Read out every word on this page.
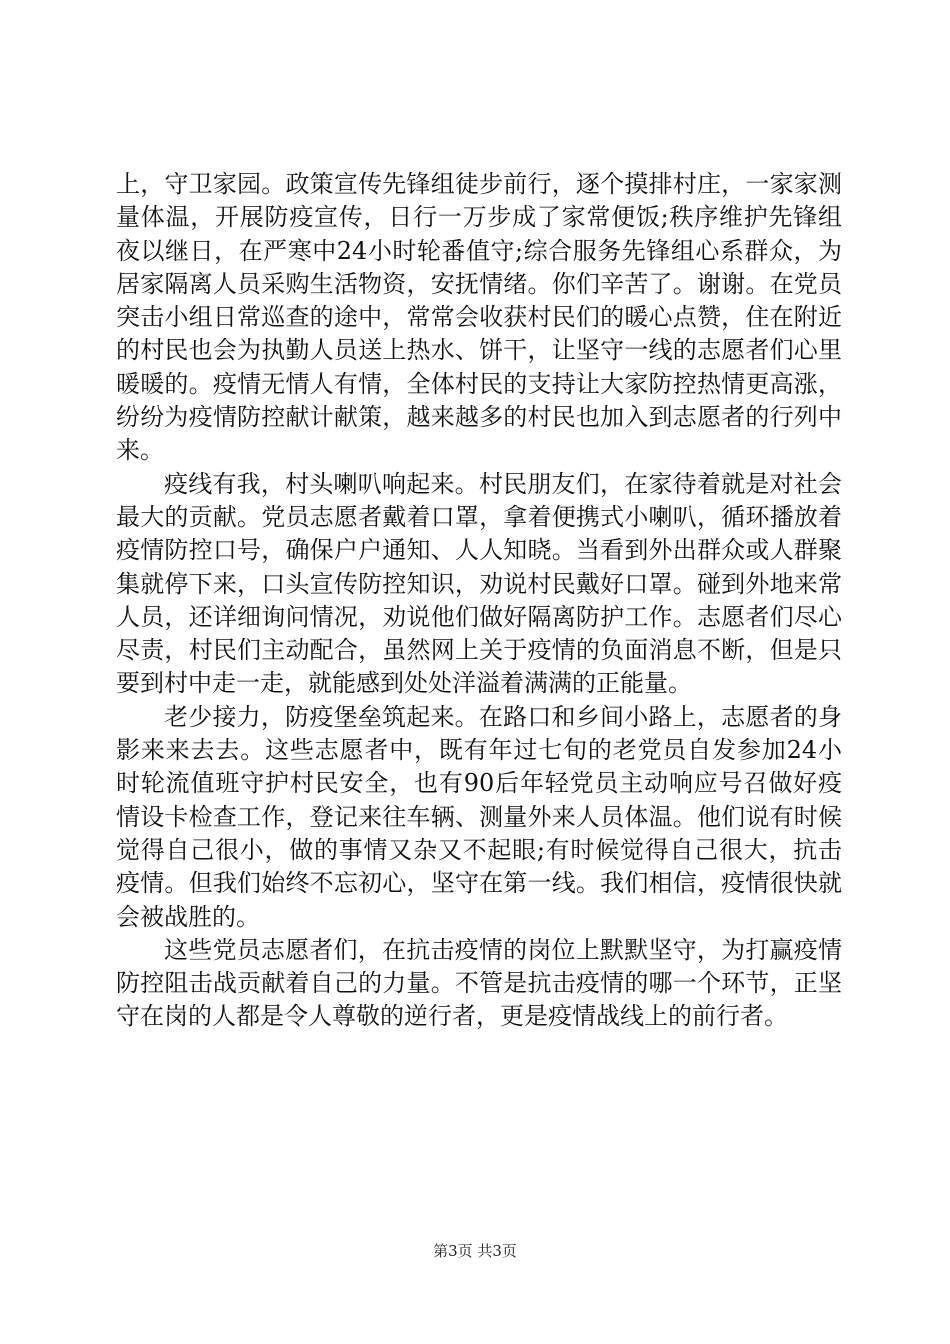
上，守卫家园。政策宣传先锋组徒步前行，逐个摸排村庄，一家家测量体温，开展防疫宣传，日行一万步成了家常便饭;秩序维护先锋组夜以继日，在严寒中24小时轮番值守;综合服务先锋组心系群众，为居家隔离人员采购生活物资，安抚情绪。你们辛苦了。谢谢。在党员突击小组日常巡查的途中，常常会收获村民们的暖心点赞，住在附近的村民也会为执勤人员送上热水、饼干，让坚守一线的志愿者们心里暖暖的。疫情无情人有情，全体村民的支持让大家防控热情更高涨，纷纷为疫情防控献计献策，越来越多的村民也加入到志愿者的行列中来。

疫线有我，村头喇叭响起来。村民朋友们，在家待着就是对社会最大的贡献。党员志愿者戴着口罩，拿着便携式小喇叭，循环播放着疫情防控口号，确保户户通知、人人知晓。当看到外出群众或人群聚集就停下来，口头宣传防控知识，劝说村民戴好口罩。碰到外地来常人员，还详细询问情况，劝说他们做好隔离防护工作。志愿者们尽心尽责，村民们主动配合，虽然网上关于疫情的负面消息不断，但是只要到村中走一走，就能感到处处洋溢着满满的正能量。

老少接力，防疫堡垒筑起来。在路口和乡间小路上，志愿者的身影来来去去。这些志愿者中，既有年过七旬的老党员自发参加24小时轮流值班守护村民安全，也有90后年轻党员主动响应号召做好疫情设卡检查工作，登记来往车辆、测量外来人员体温。他们说有时候觉得自己很小，做的事情又杂又不起眼;有时候觉得自己很大，抗击疫情。但我们始终不忘初心，坚守在第一线。我们相信，疫情很快就会被战胜的。

这些党员志愿者们，在抗击疫情的岗位上默默坚守，为打赢疫情防控阻击战贡献着自己的力量。不管是抗击疫情的哪一个环节，正坚守在岗的人都是令人尊敬的逆行者，更是疫情战线上的前行者。

第3页 共3页
